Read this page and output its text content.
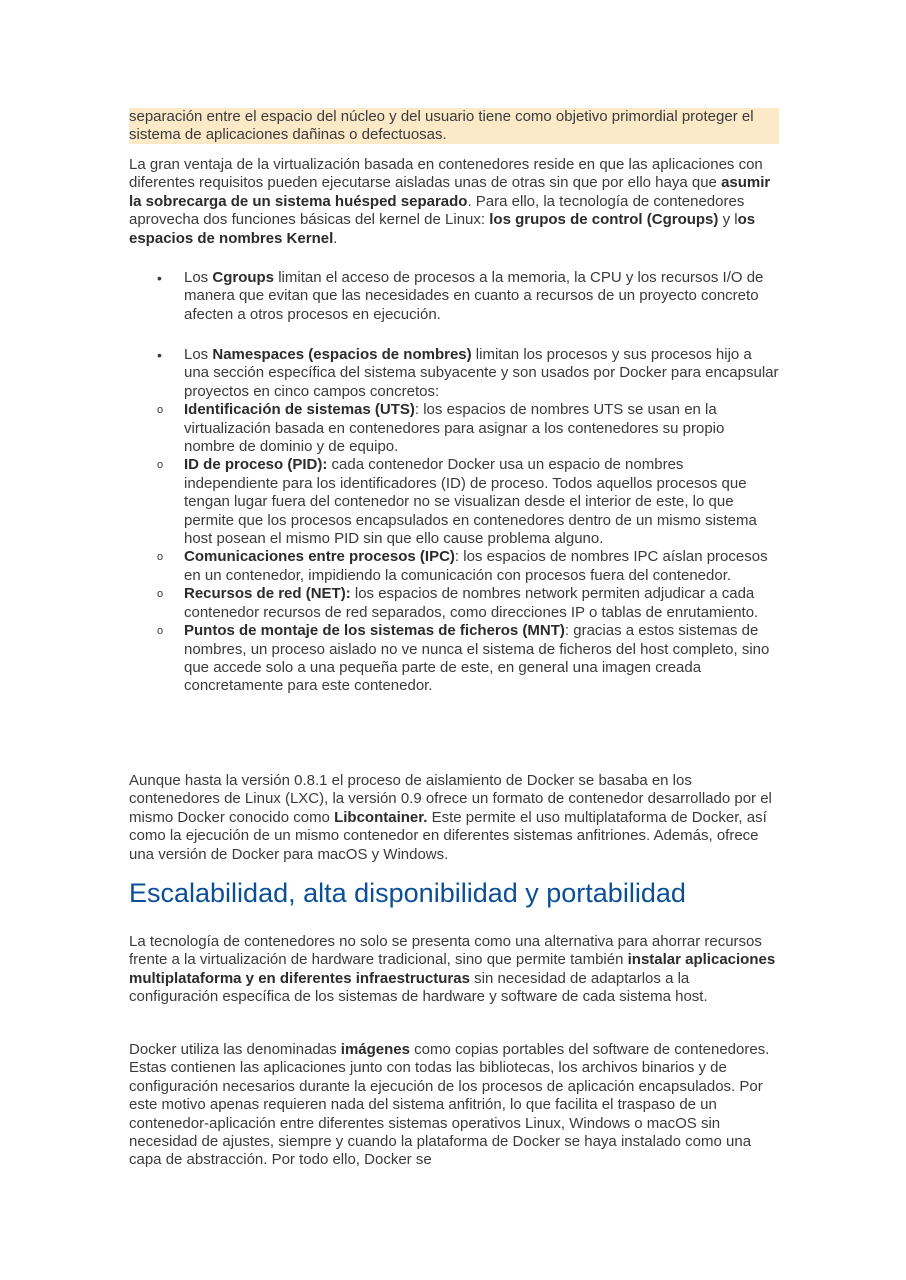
separación entre el espacio del núcleo y del usuario tiene como objetivo primordial proteger el sistema de aplicaciones dañinas o defectuosas.

La gran ventaja de la virtualización basada en contenedores reside en que las aplicaciones con diferentes requisitos pueden ejecutarse aisladas unas de otras sin que por ello haya que asumir la sobrecarga de un sistema huésped separado. Para ello, la tecnología de contenedores aprovecha dos funciones básicas del kernel de Linux: los grupos de control (Cgroups) y los espacios de nombres Kernel.

• Los Cgroups limitan el acceso de procesos a la memoria, la CPU y los recursos I/O de manera que evitan que las necesidades en cuanto a recursos de un proyecto concreto afecten a otros procesos en ejecución.
• Los Namespaces (espacios de nombres) limitan los procesos y sus procesos hijo a una sección específica del sistema subyacente y son usados por Docker para encapsular proyectos en cinco campos concretos:
o Identificación de sistemas (UTS): los espacios de nombres UTS se usan en la virtualización basada en contenedores para asignar a los contenedores su propio nombre de dominio y de equipo.
o ID de proceso (PID): cada contenedor Docker usa un espacio de nombres independiente para los identificadores (ID) de proceso. Todos aquellos procesos que tengan lugar fuera del contenedor no se visualizan desde el interior de este, lo que permite que los procesos encapsulados en contenedores dentro de un mismo sistema host posean el mismo PID sin que ello cause problema alguno.
o Comunicaciones entre procesos (IPC): los espacios de nombres IPC aíslan procesos en un contenedor, impidiendo la comunicación con procesos fuera del contenedor.
o Recursos de red (NET): los espacios de nombres network permiten adjudicar a cada contenedor recursos de red separados, como direcciones IP o tablas de enrutamiento.
o Puntos de montaje de los sistemas de ficheros (MNT): gracias a estos sistemas de nombres, un proceso aislado no ve nunca el sistema de ficheros del host completo, sino que accede solo a una pequeña parte de este, en general una imagen creada concretamente para este contenedor.

Aunque hasta la versión 0.8.1 el proceso de aislamiento de Docker se basaba en los contenedores de Linux (LXC), la versión 0.9 ofrece un formato de contenedor desarrollado por el mismo Docker conocido como Libcontainer. Este permite el uso multiplataforma de Docker, así como la ejecución de un mismo contenedor en diferentes sistemas anfitriones. Además, ofrece una versión de Docker para macOS y Windows.

Escalabilidad, alta disponibilidad y portabilidad

La tecnología de contenedores no solo se presenta como una alternativa para ahorrar recursos frente a la virtualización de hardware tradicional, sino que permite también instalar aplicaciones multiplataforma y en diferentes infraestructuras sin necesidad de adaptarlos a la configuración específica de los sistemas de hardware y software de cada sistema host.

Docker utiliza las denominadas imágenes como copias portables del software de contenedores. Estas contienen las aplicaciones junto con todas las bibliotecas, los archivos binarios y de configuración necesarios durante la ejecución de los procesos de aplicación encapsulados. Por este motivo apenas requieren nada del sistema anfitrión, lo que facilita el traspaso de un contenedor-aplicación entre diferentes sistemas operativos Linux, Windows o macOS sin necesidad de ajustes, siempre y cuando la plataforma de Docker se haya instalado como una capa de abstracción. Por todo ello, Docker se
